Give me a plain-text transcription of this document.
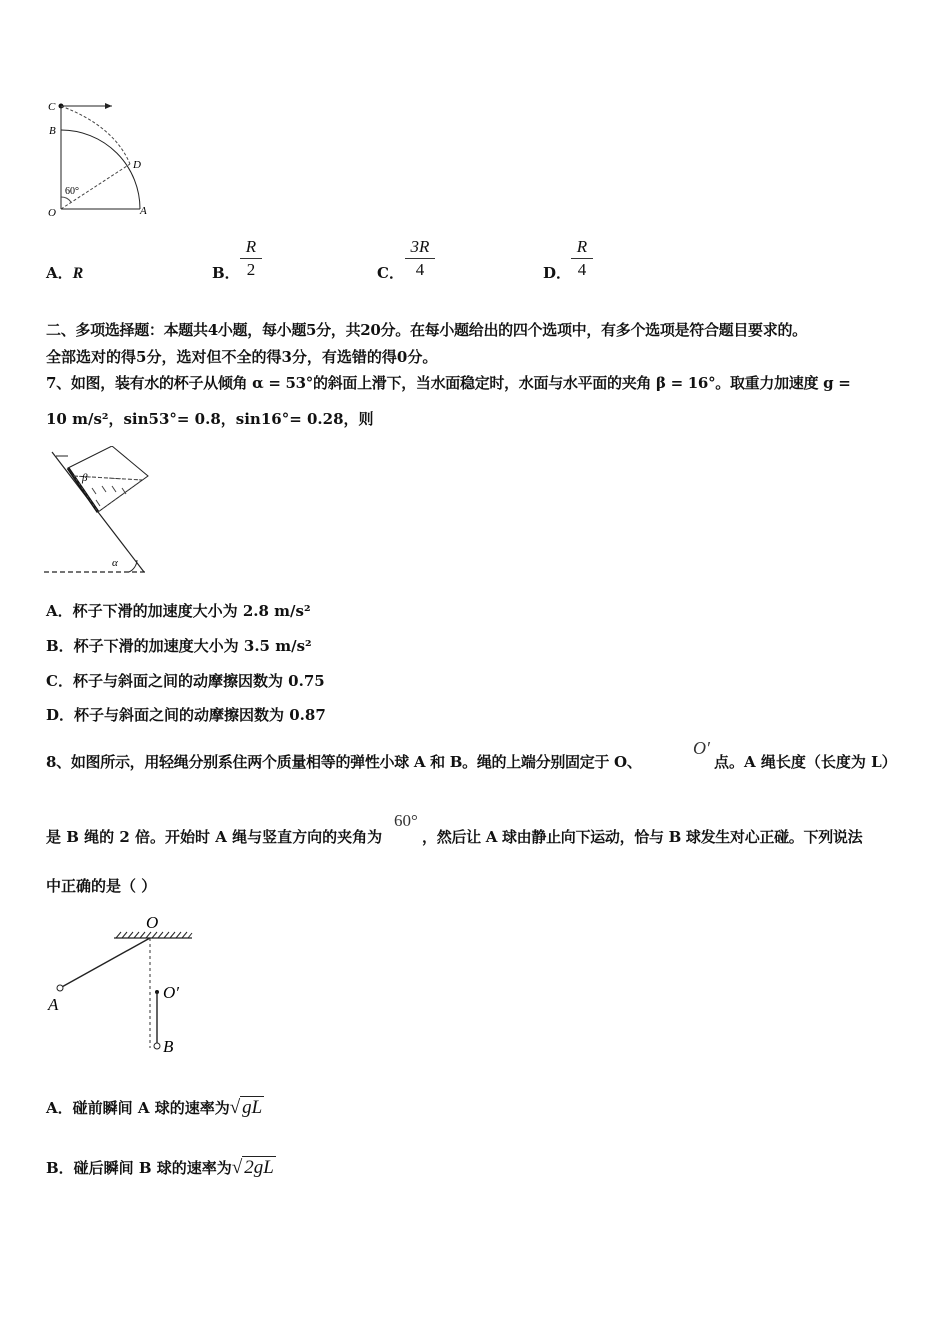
C
B
D
60°
O	A
A．R	B．
R
2	C．
3R
4	D．
R
4
二、多项选择题：本题共4小题，每小题5分，共20分。在每小题给出的四个选项中，有多个选项是符合题目要求的。
全部选对的得5分，选对但不全的得3分，有选错的得0分。
7、如图，装有水的杯子从倾角 α = 53°的斜面上滑下，当水面稳定时，水面与水平面的夹角 β = 16°。取重力加速度 g =
10 m/s²，sin53°= 0.8，sin16°= 0.28，则
β
α
A．杯子下滑的加速度大小为 2.8 m/s²
B．杯子下滑的加速度大小为 3.5 m/s²
C．杯子与斜面之间的动摩擦因数为 0.75
D．杯子与斜面之间的动摩擦因数为 0.87
8、如图所示，用轻绳分别系住两个质量相等的弹性小球 A 和 B。绳的上端分别固定于 O、
O′
点。A 绳长度（长度为 L）
是 B 绳的 2 倍。开始时 A 绳与竖直方向的夹角为
60°
，然后让 A 球由静止向下运动，恰与 B 球发生对心正碰。下列说法
中正确的是（ ）
O
O′
A
B
A．碰前瞬间 A 球的速率为√ gL
B．碰后瞬间 B 球的速率为√ 2gL
